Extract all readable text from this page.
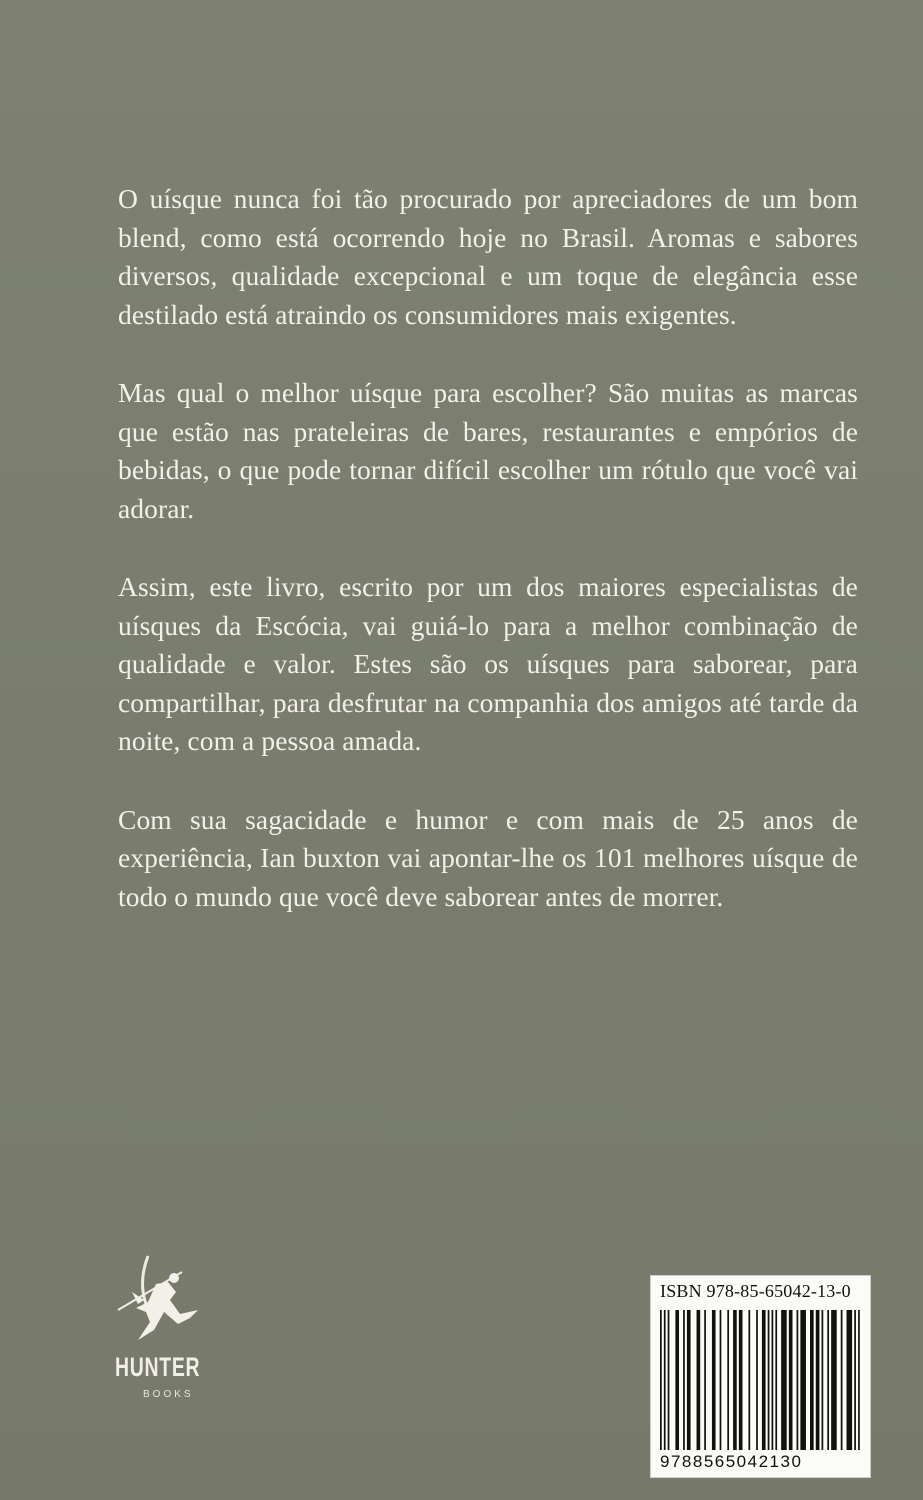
O uísque nunca foi tão procurado por apreciadores de um bom blend, como está ocorrendo hoje no Brasil. Aromas e sabores diversos, qualidade excepcional e um toque de elegância esse destilado está atraindo os consumidores mais exigentes.

Mas qual o melhor uísque para escolher? São muitas as marcas que estão nas prateleiras de bares, restaurantes e empórios de bebidas, o que pode tornar difícil escolher um rótulo que você vai adorar.

Assim, este livro, escrito por um dos maiores especialistas de uísques da Escócia, vai guiá-lo para a melhor combinação de qualidade e valor. Estes são os uísques para saborear, para compartilhar, para desfrutar na companhia dos amigos até tarde da noite, com a pessoa amada.

Com sua sagacidade e humor e com mais de 25 anos de experiência, Ian buxton vai apontar-lhe os 101 melhores uísque de todo o mundo que você deve saborear antes de morrer.

HUNTER
BOOKS
ISBN 978-85-65042-13-0
9788565042130
